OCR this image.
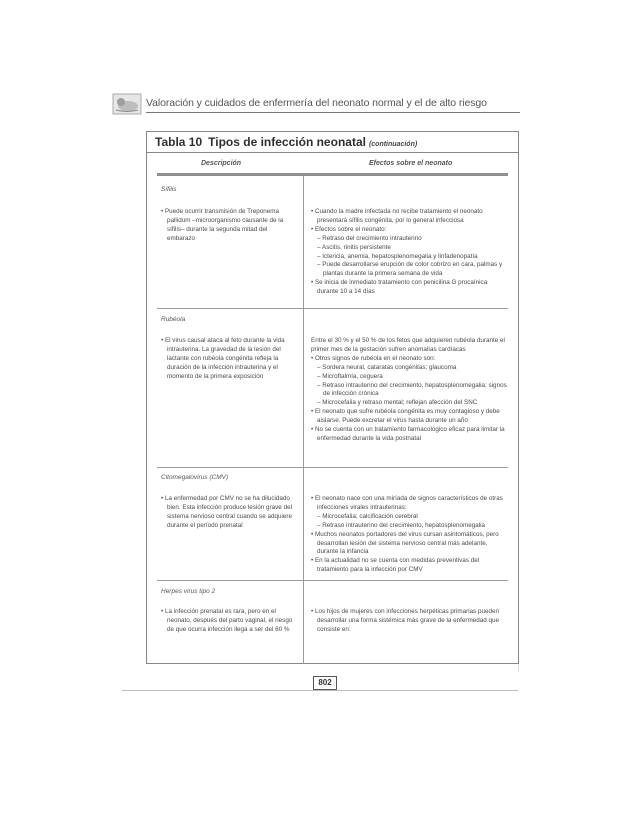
Valoración y cuidados de enfermería del neonato normal y el de alto riesgo
Tabla 10 Tipos de infección neonatal (continuación)
Descripción	Efectos sobre el neonato
Sífilis

• Puede ocurrir transmisión de Treponema pallidum –microorganismo causante de la sífilis– durante la segunda mitad del embarazo

• Cuando la madre infectada no recibe tratamiento el neonato presentará sífilis congénita, por lo general infecciosa

• Efectos sobre el neonato:

– Retraso del crecimiento intrauterino

– Ascitis, rinitis persistente

– Ictericia, anemia, hepatosplenomegalia y linfadenopatía

– Puede desarrollarse erupción de color cobrizo en cara, palmas y plantas durante la primera semana de vida

• Se inicia de inmediato tratamiento con penicilina G procaínica durante 10 a 14 días

Rubéola

• El virus causal ataca al feto durante la vida intrauterina. La gravedad de la lesión del lactante con rubéola congénita refleja la duración de la infección intrauterina y el momento de la primera exposición

Entre el 30 % y el 50 % de los fetos que adquieren rubéola durante el primer mes de la gestación sufren anomalías cardíacas

• Otros signos de rubéola en el neonato son:

– Sordera neural, cataratas congénitas; glaucoma

– Microftalmía, ceguera

– Retraso intrauterino del crecimiento, hepatosplenomegalia; signos de infección crónica

– Microcefalia y retraso mental; reflejan afección del SNC

• El neonato que sufre rubéola congénita es muy contagioso y debe aislarse. Puede excretar el virus hasta durante un año

• No se cuenta con un tratamiento farmacológico eficaz para limitar la enfermedad durante la vida postnatal

Citomegalovirus (CMV)

• La enfermedad por CMV no se ha dilucidado bien. Esta infección produce lesión grave del sistema nervioso central cuando se adquiere durante el período prenatal

• El neonato nace con una miríada de signos característicos de otras infecciones virales intrauterinas:

– Microcefalia; calcificación cerebral

– Retraso intrauterino del crecimiento, hepatosplenomegalia

• Muchos neonatos portadores del virus cursan asintomáticos, pero desarrollan lesión del sistema nervioso central más adelante, durante la infancia

• En la actualidad no se cuenta con medidas preventivas del tratamiento para la infección por CMV

Herpes virus tipo 2

• La infección prenatal es rara, pero en el neonato, después del parto vaginal, el riesgo de que ocurra infección llega a ser del 60 %

• Los hijos de mujeres con infecciones herpéticas primarias pueden desarrollar una forma sistémica más grave de la enfermedad que consiste en:

802
